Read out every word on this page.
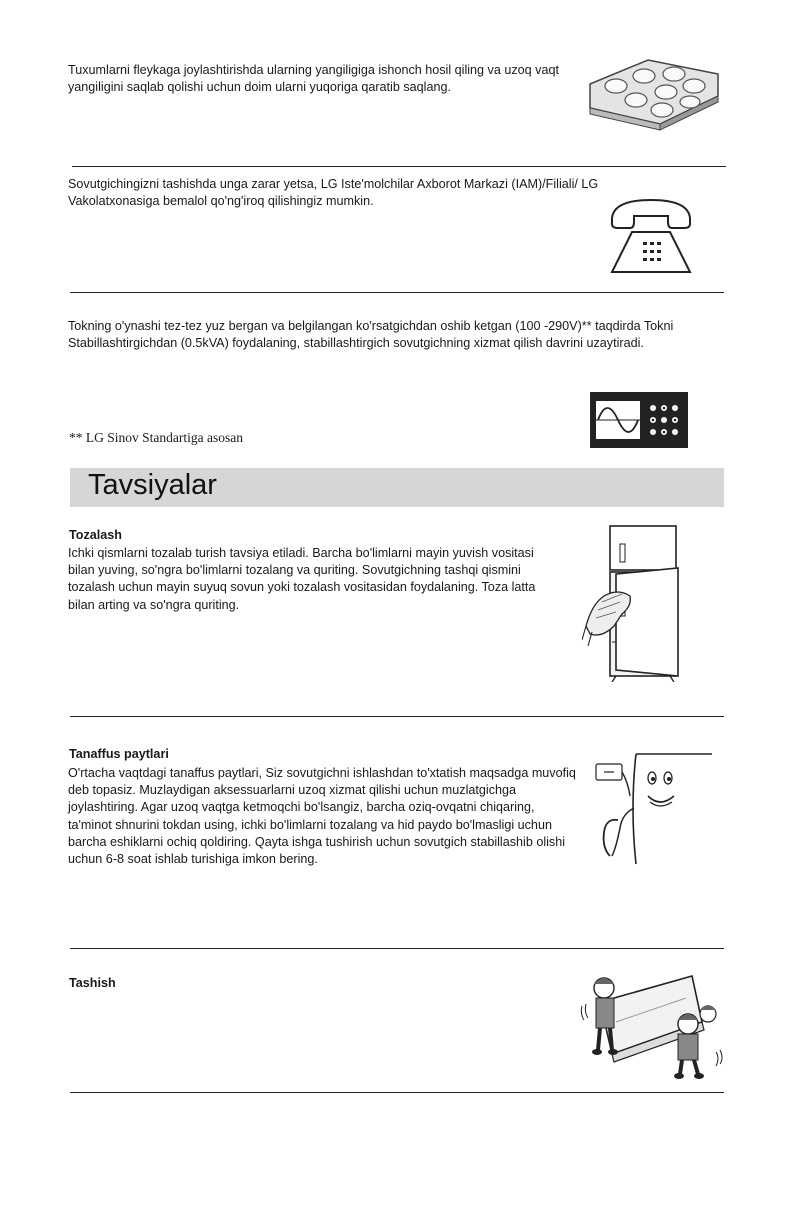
Tuxumlarni fleykaga joylashtirishda ularning yangiligiga ishonch hosil qiling va uzoq vaqt yangiligini saqlab qolishi uchun doim ularni yuqoriga qaratib saqlang.

Sovutgichingizni tashishda unga zarar yetsa, LG Iste'molchilar Axborot Markazi (IAM)/Filiali/ LG Vakolatxonasiga bemalol qo'ng'iroq qilishingiz mumkin.

Tokning o'ynashi tez-tez yuz bergan va belgilangan ko'rsatgichdan oshib ketgan (100 -290V)** taqdirda Tokni Stabillashtirgichdan (0.5kVA) foydalaning, stabillashtirgich sovutgichning xizmat qilish davrini uzaytiradi.

** LG Sinov Standartiga asosan
Tavsiyalar

Tozalash

Ichki qismlarni tozalab turish tavsiya etiladi. Barcha bo'limlarni mayin yuvish vositasi bilan yuving, so'ngra bo'limlarni tozalang va quriting. Sovutgichning tashqi qismini tozalash uchun mayin suyuq sovun yoki tozalash vositasidan foydalaning. Toza latta bilan arting va so'ngra quriting.

Tanaffus paytlari

O'rtacha vaqtdagi tanaffus paytlari, Siz sovutgichni ishlashdan to'xtatish maqsadga muvofiq deb topasiz. Muzlaydigan aksessuarlarni uzoq xizmat qilishi uchun muzlatgichga joylashtiring. Agar uzoq vaqtga ketmoqchi bo'lsangiz, barcha oziq-ovqatni chiqaring, ta'minot shnurini tokdan using, ichki bo'limlarni tozalang va hid paydo bo'lmasligi uchun barcha eshiklarni ochiq qoldiring. Qayta ishga tushirish uchun sovutgich stabillashib olishi uchun 6-8 soat ishlab turishiga imkon bering.

Tashish
